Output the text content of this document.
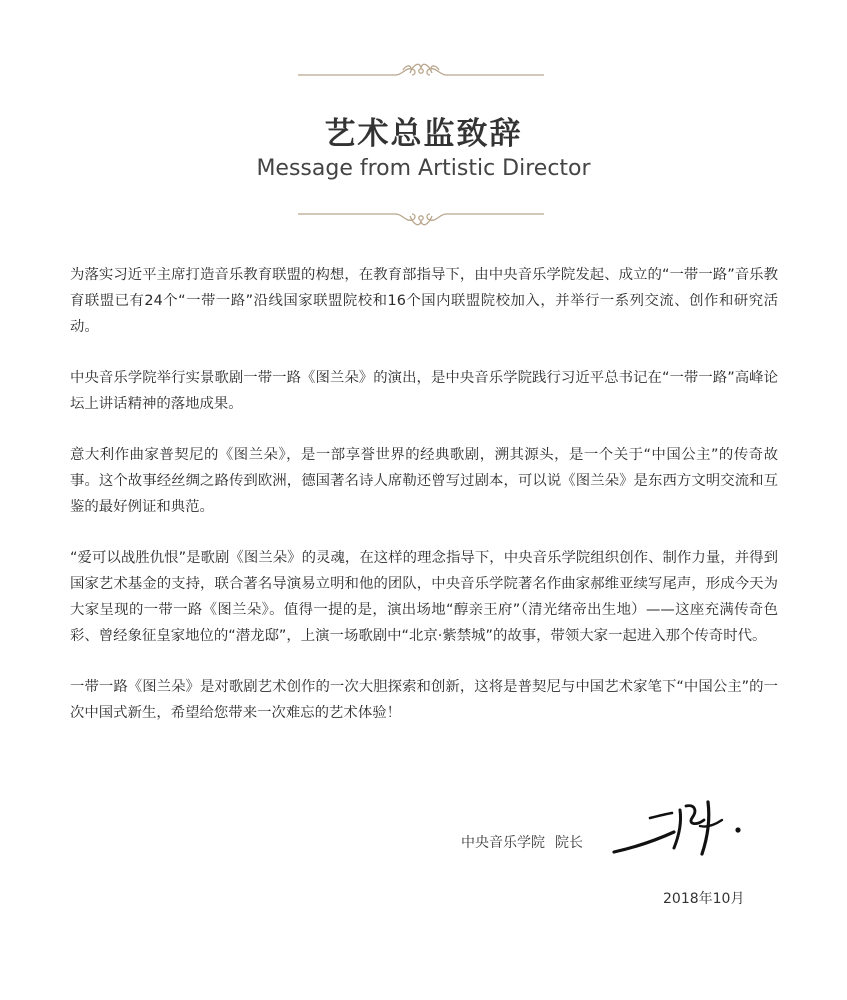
艺术总监致辞
Message from Artistic Director

为落实习近平主席打造音乐教育联盟的构想，在教育部指导下，由中央音乐学院发起、成立的“一带一路”音乐教育联盟已有24个“一带一路”沿线国家联盟院校和16个国内联盟院校加入，并举行一系列交流、创作和研究活动。

中央音乐学院举行实景歌剧一带一路《图兰朵》的演出，是中央音乐学院践行习近平总书记在“一带一路”高峰论坛上讲话精神的落地成果。

意大利作曲家普契尼的《图兰朵》，是一部享誉世界的经典歌剧，溯其源头，是一个关于“中国公主”的传奇故事。这个故事经丝绸之路传到欧洲，德国著名诗人席勒还曾写过剧本，可以说《图兰朵》是东西方文明交流和互鉴的最好例证和典范。

“爱可以战胜仇恨”是歌剧《图兰朵》的灵魂，在这样的理念指导下，中央音乐学院组织创作、制作力量，并得到国家艺术基金的支持，联合著名导演易立明和他的团队，中央音乐学院著名作曲家郝维亚续写尾声，形成今天为大家呈现的一带一路《图兰朵》。值得一提的是，演出场地“醇亲王府”（清光绪帝出生地）——这座充满传奇色彩、曾经象征皇家地位的“潜龙邸”，上演一场歌剧中“北京·紫禁城”的故事，带领大家一起进入那个传奇时代。

一带一路《图兰朵》是对歌剧艺术创作的一次大胆探索和创新，这将是普契尼与中国艺术家笔下“中国公主”的一次中国式新生，希望给您带来一次难忘的艺术体验！

中央音乐学院 院长
2018年10月
